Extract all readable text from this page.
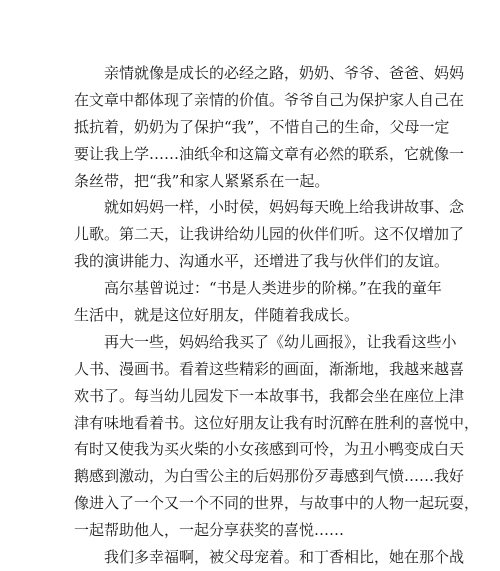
亲情就像是成长的必经之路，奶奶、爷爷、爸爸、妈妈
在文章中都体现了亲情的价值。爷爷自己为保护家人自己在
抵抗着，奶奶为了保护“我”，不惜自己的生命，父母一定
要让我上学……油纸伞和这篇文章有必然的联系，它就像一
条丝带，把“我”和家人紧紧系在一起。
就如妈妈一样，小时侯，妈妈每天晚上给我讲故事、念
儿歌。第二天，让我讲给幼儿园的伙伴们听。这不仅增加了
我的演讲能力、沟通水平，还增进了我与伙伴们的友谊。
高尔基曾说过：“书是人类进步的阶梯。”在我的童年
生活中，就是这位好朋友，伴随着我成长。
再大一些，妈妈给我买了《幼儿画报》，让我看这些小
人书、漫画书。看着这些精彩的画面，渐渐地，我越来越喜
欢书了。每当幼儿园发下一本故事书，我都会坐在座位上津
津有味地看着书。这位好朋友让我有时沉醉在胜利的喜悦中，
有时又使我为买火柴的小女孩感到可怜，为丑小鸭变成白天
鹅感到激动，为白雪公主的后妈那份歹毒感到气愤……我好
像进入了一个又一个不同的世界，与故事中的人物一起玩耍，
一起帮助他人，一起分享获奖的喜悦……
我们多幸福啊，被父母宠着。和丁香相比，她在那个战
